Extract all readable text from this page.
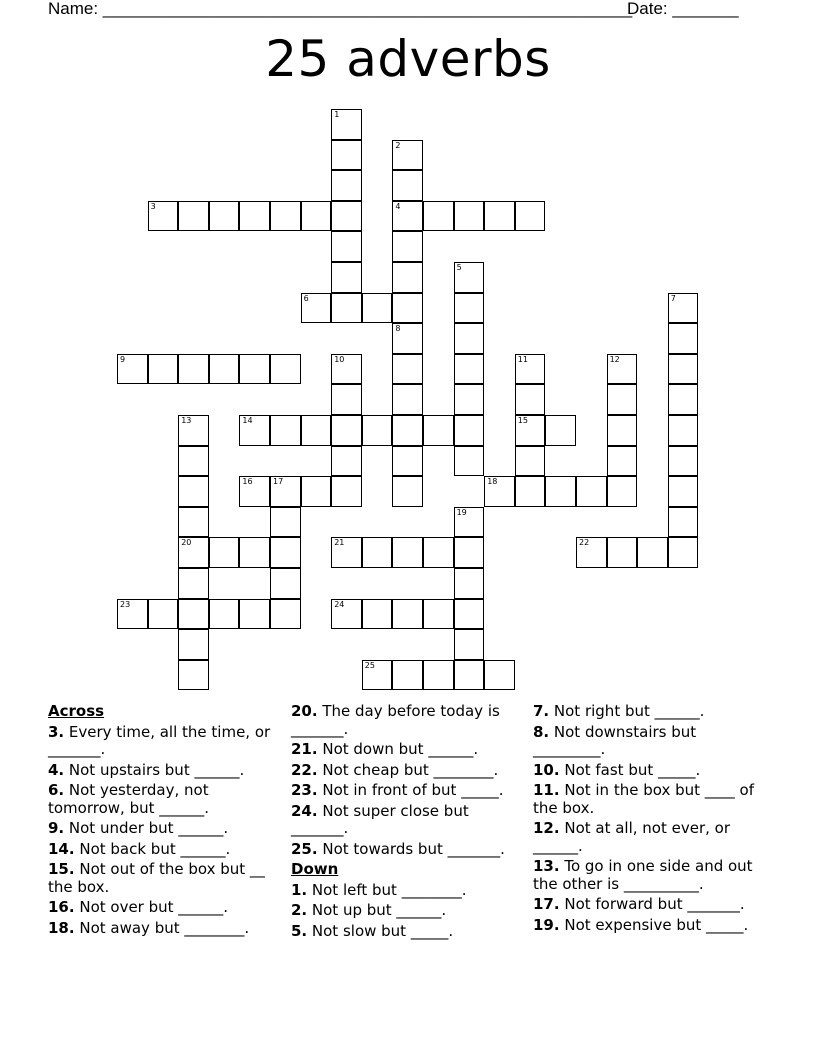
Name: ________________________________________________________
Date: _______
25 adverbs
1
2
4
3
5
6	7
8
9	10	11
15
12
13
20
14
16	17	18
19
21	22
23	24
25
Across
3. Every time, all the time, or _______.
4. Not upstairs but ______.
6. Not yesterday, not tomorrow, but ______.
9. Not under but ______.
14. Not back but ______.
15. Not out of the box but __ the box.
16. Not over but ______.
18. Not away but ________.
20. The day before today is _______.
21. Not down but ______.
22. Not cheap but ________.
23. Not in front of but _____.
24. Not super close but _______.
25. Not towards but _______.
Down
1. Not left but ________.
2. Not up but ______.
5. Not slow but _____.
7. Not right but ______.
8. Not downstairs but _________.
10. Not fast but _____.
11. Not in the box but ____ of the box.
12. Not at all, not ever, or ______.
13. To go in one side and out the other is __________.
17. Not forward but _______.
19. Not expensive but _____.
